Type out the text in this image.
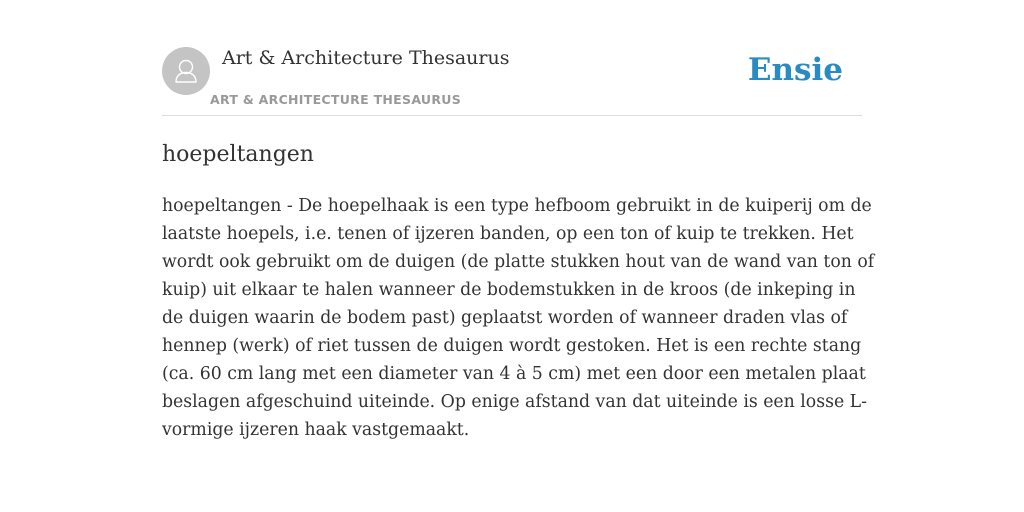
Art & Architecture Thesaurus
ART & ARCHITECTURE THESAURUS
Ensie
hoepeltangen

hoepeltangen - De hoepelhaak is een type hefboom gebruikt in de kuiperij om de
laatste hoepels, i.e. tenen of ijzeren banden, op een ton of kuip te trekken. Het
wordt ook gebruikt om de duigen (de platte stukken hout van de wand van ton of
kuip) uit elkaar te halen wanneer de bodemstukken in de kroos (de inkeping in
de duigen waarin de bodem past) geplaatst worden of wanneer draden vlas of
hennep (werk) of riet tussen de duigen wordt gestoken. Het is een rechte stang
(ca. 60 cm lang met een diameter van 4 à 5 cm) met een door een metalen plaat
beslagen afgeschuind uiteinde. Op enige afstand van dat uiteinde is een losse L-
vormige ijzeren haak vastgemaakt.
